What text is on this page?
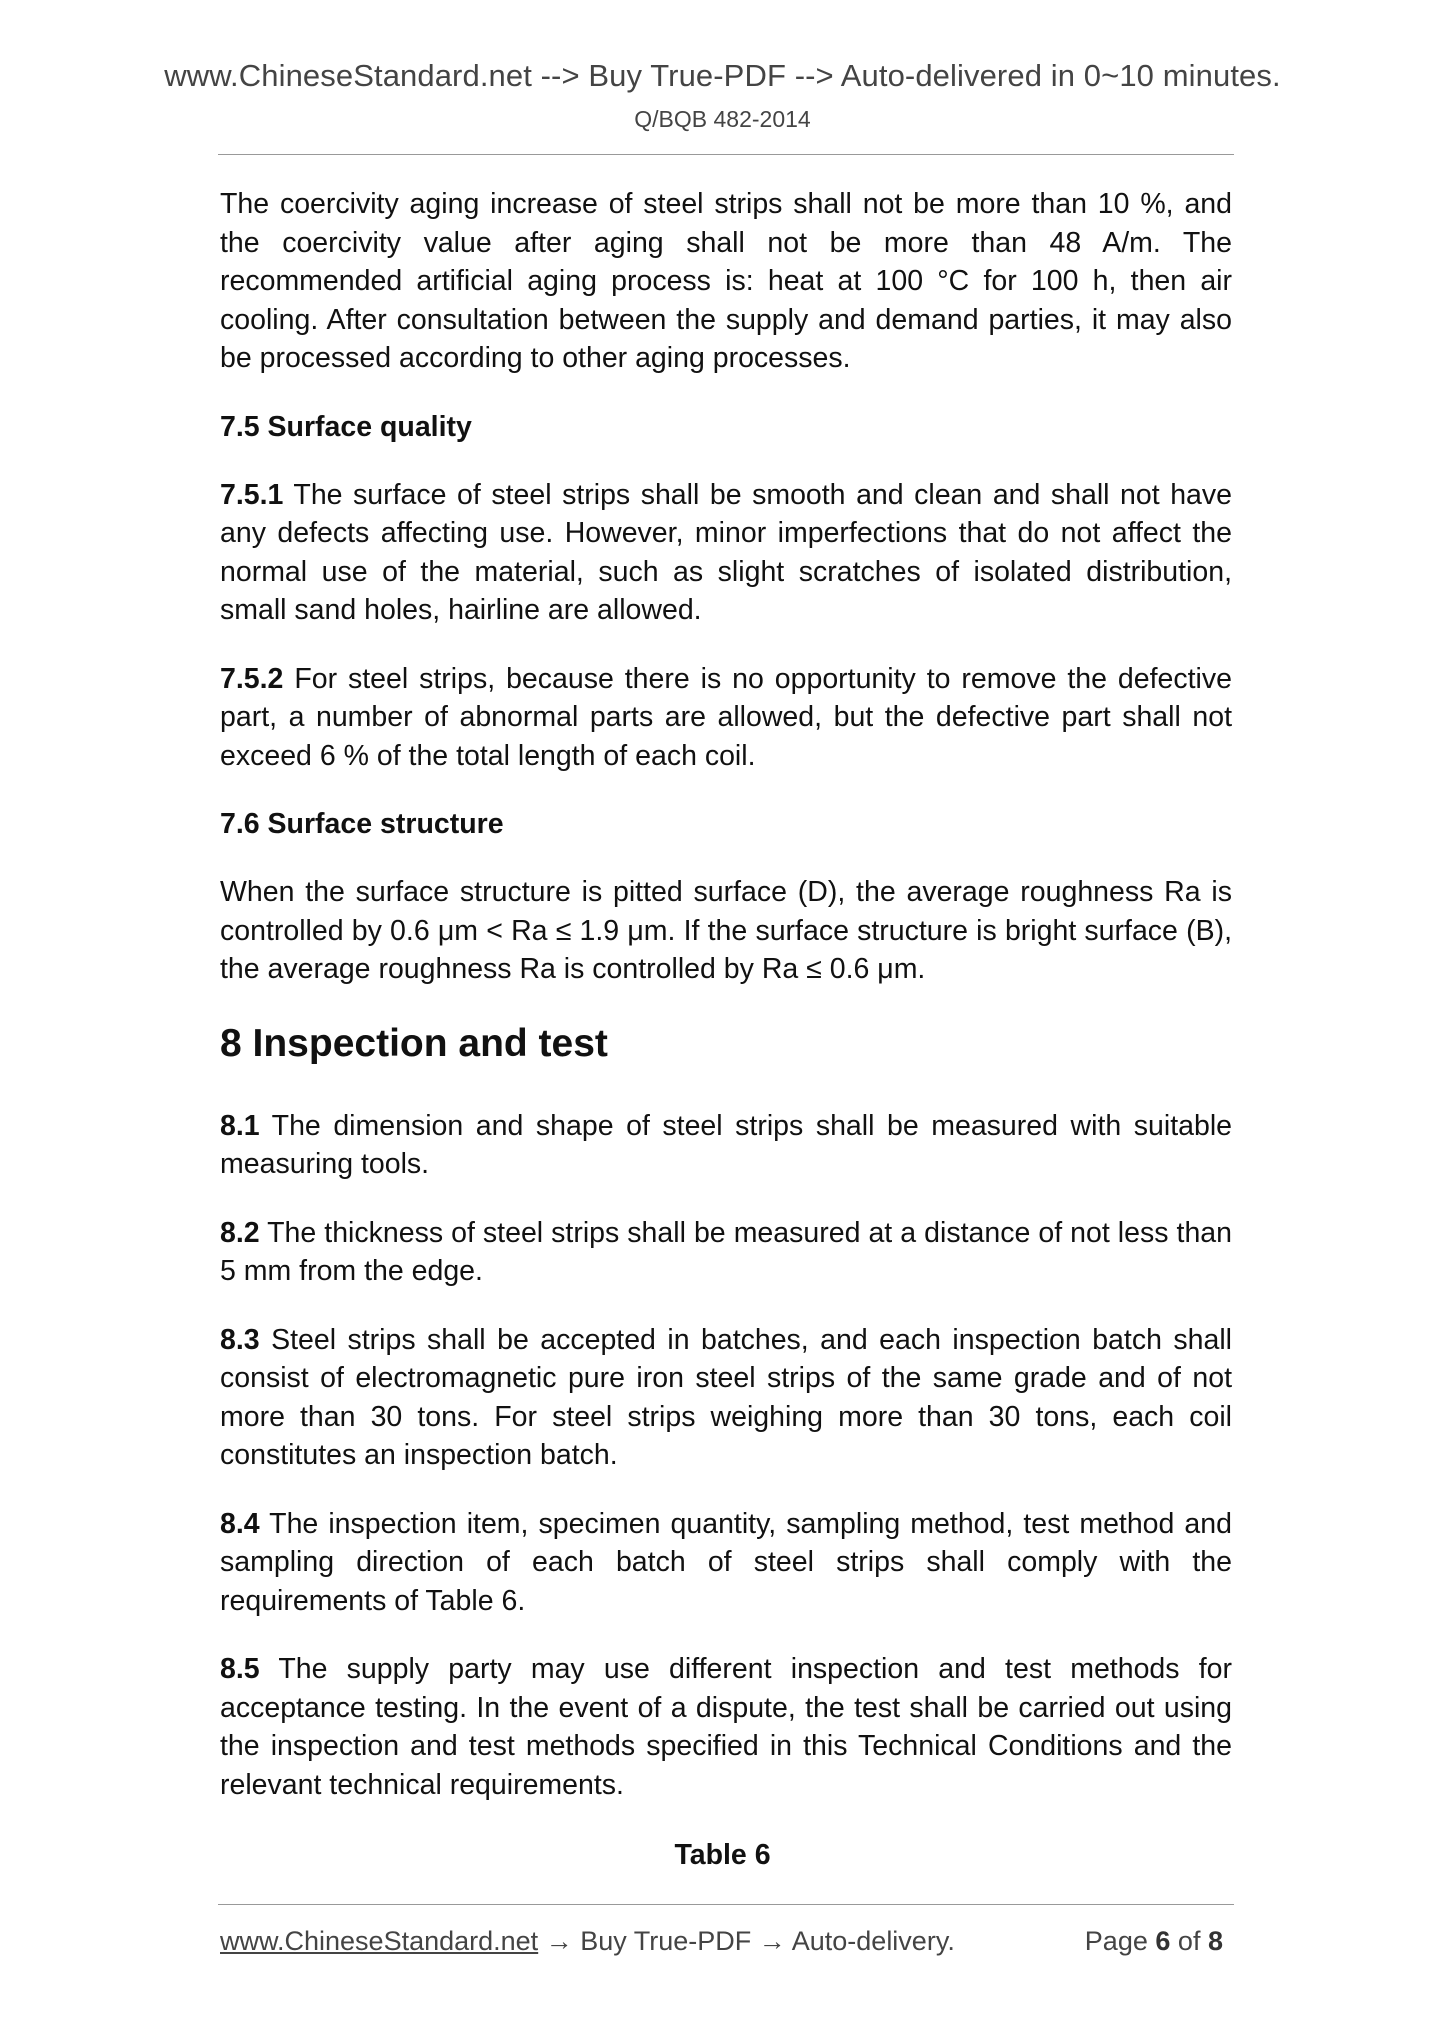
www.ChineseStandard.net --> Buy True-PDF --> Auto-delivered in 0~10 minutes.
Q/BQB 482-2014

The coercivity aging increase of steel strips shall not be more than 10 %, and the coercivity value after aging shall not be more than 48 A/m. The recommended artificial aging process is: heat at 100 °C for 100 h, then air cooling. After consultation between the supply and demand parties, it may also be processed according to other aging processes.

7.5 Surface quality

7.5.1 The surface of steel strips shall be smooth and clean and shall not have any defects affecting use. However, minor imperfections that do not affect the normal use of the material, such as slight scratches of isolated distribution, small sand holes, hairline are allowed.

7.5.2 For steel strips, because there is no opportunity to remove the defective part, a number of abnormal parts are allowed, but the defective part shall not exceed 6 % of the total length of each coil.

7.6 Surface structure

When the surface structure is pitted surface (D), the average roughness Ra is controlled by 0.6 μm < Ra ≤ 1.9 μm. If the surface structure is bright surface (B), the average roughness Ra is controlled by Ra ≤ 0.6 μm.

8 Inspection and test

8.1 The dimension and shape of steel strips shall be measured with suitable measuring tools.

8.2 The thickness of steel strips shall be measured at a distance of not less than 5 mm from the edge.

8.3 Steel strips shall be accepted in batches, and each inspection batch shall consist of electromagnetic pure iron steel strips of the same grade and of not more than 30 tons. For steel strips weighing more than 30 tons, each coil constitutes an inspection batch.

8.4 The inspection item, specimen quantity, sampling method, test method and sampling direction of each batch of steel strips shall comply with the requirements of Table 6.

8.5 The supply party may use different inspection and test methods for acceptance testing. In the event of a dispute, the test shall be carried out using the inspection and test methods specified in this Technical Conditions and the relevant technical requirements.

Table 6
www.ChineseStandard.net → Buy True-PDF → Auto-delivery.	Page 6 of 8
